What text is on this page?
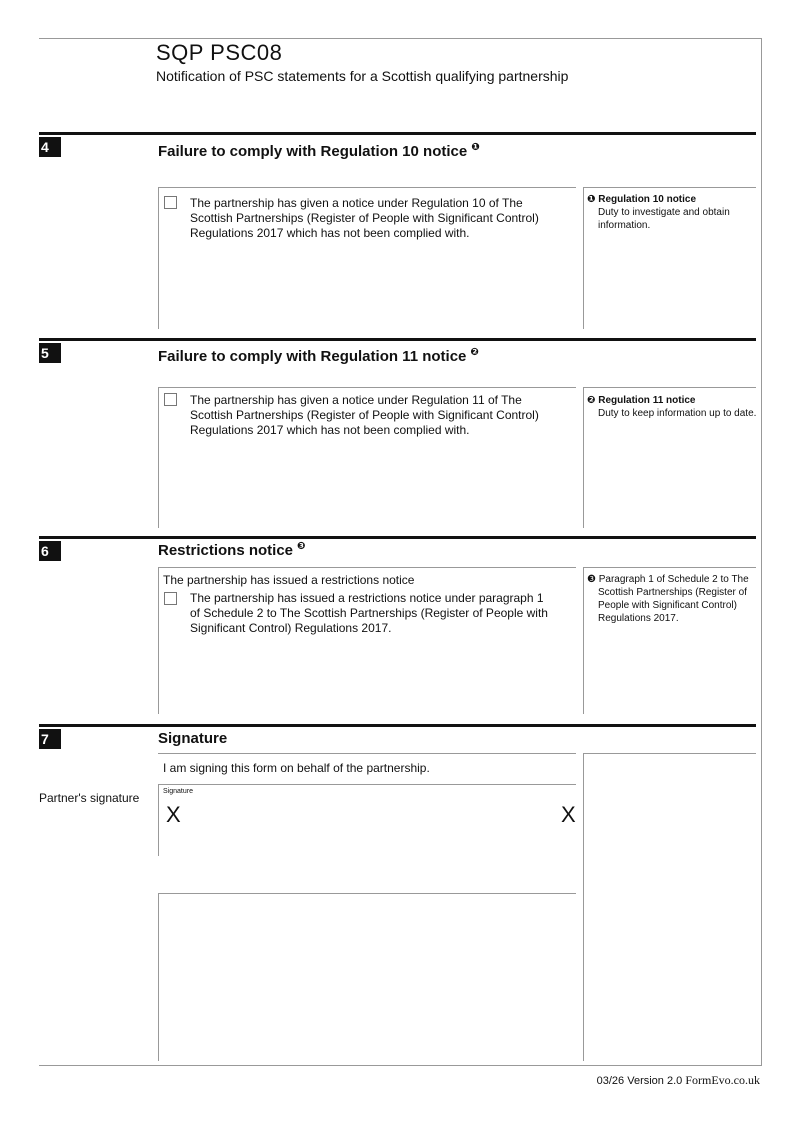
SQP PSC08
Notification of PSC statements for a Scottish qualifying partnership
4	Failure to comply with Regulation 10 notice $^❶$
The partnership has given a notice under Regulation 10 of The Scottish Partnerships (Register of People with Significant Control) Regulations 2017 which has not been complied with.
❶ Regulation 10 notice
Duty to investigate and obtain information.
5	Failure to comply with Regulation 11 notice $^❷$
The partnership has given a notice under Regulation 11 of The Scottish Partnerships (Register of People with Significant Control) Regulations 2017 which has not been complied with.
❷ Regulation 11 notice
Duty to keep information up to date.
6	Restrictions notice $^❸$
The partnership has issued a restrictions notice
The partnership has issued a restrictions notice under paragraph 1 of Schedule 2 to The Scottish Partnerships (Register of People with Significant Control) Regulations 2017.
❸ Paragraph 1 of Schedule 2 to The Scottish Partnerships (Register of People with Significant Control) Regulations 2017.
7	Signature
I am signing this form on behalf of the partnership.
Partner's signature	Signature
X	X
03/26 Version 2.0 FormEvo.co.uk
